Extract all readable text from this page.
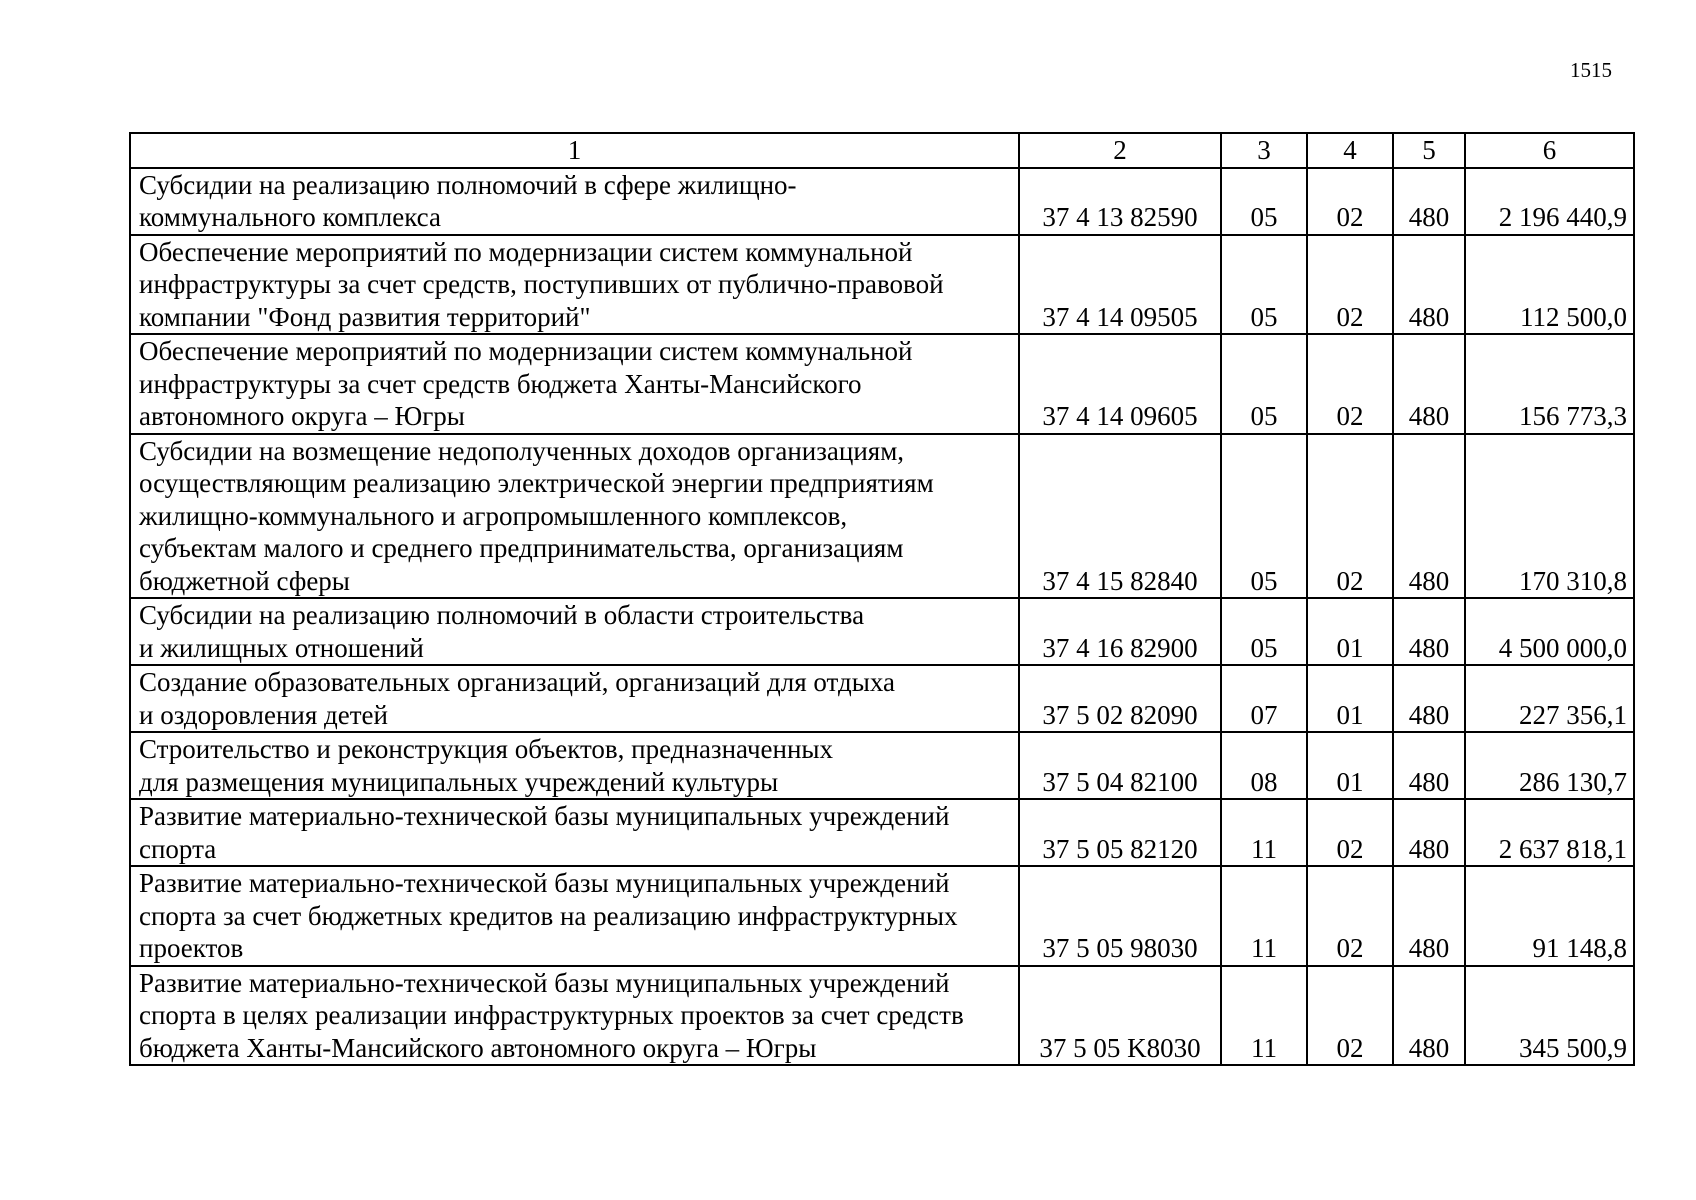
1515
1	2	3	4	5	6

Субсидии на реализацию полномочий в сфере жилищно-
коммунального комплекса	37 4 13 82590	05	02	480	2 196 440,9

Обеспечение мероприятий по модернизации систем коммунальной
инфраструктуры за счет средств, поступивших от публично-правовой
компании "Фонд развития территорий"	37 4 14 09505	05	02	480	112 500,0

Обеспечение мероприятий по модернизации систем коммунальной
инфраструктуры за счет средств бюджета Ханты-Мансийского
автономного округа – Югры	37 4 14 09605	05	02	480	156 773,3

Субсидии на возмещение недополученных доходов организациям,
осуществляющим реализацию электрической энергии предприятиям
жилищно-коммунального и агропромышленного комплексов,
субъектам малого и среднего предпринимательства, организациям
бюджетной сферы	37 4 15 82840	05	02	480	170 310,8

Субсидии на реализацию полномочий в области строительства
и жилищных отношений	37 4 16 82900	05	01	480	4 500 000,0

Создание образовательных организаций, организаций для отдыха
и оздоровления детей	37 5 02 82090	07	01	480	227 356,1

Строительство и реконструкция объектов, предназначенных
для размещения муниципальных учреждений культуры	37 5 04 82100	08	01	480	286 130,7

Развитие материально-технической базы муниципальных учреждений
спорта	37 5 05 82120	11	02	480	2 637 818,1

Развитие материально-технической базы муниципальных учреждений
спорта за счет бюджетных кредитов на реализацию инфраструктурных
проектов	37 5 05 98030	11	02	480	91 148,8

Развитие материально-технической базы муниципальных учреждений
спорта в целях реализации инфраструктурных проектов за счет средств
бюджета Ханты-Мансийского автономного округа – Югры	37 5 05 K8030	11	02	480	345 500,9
